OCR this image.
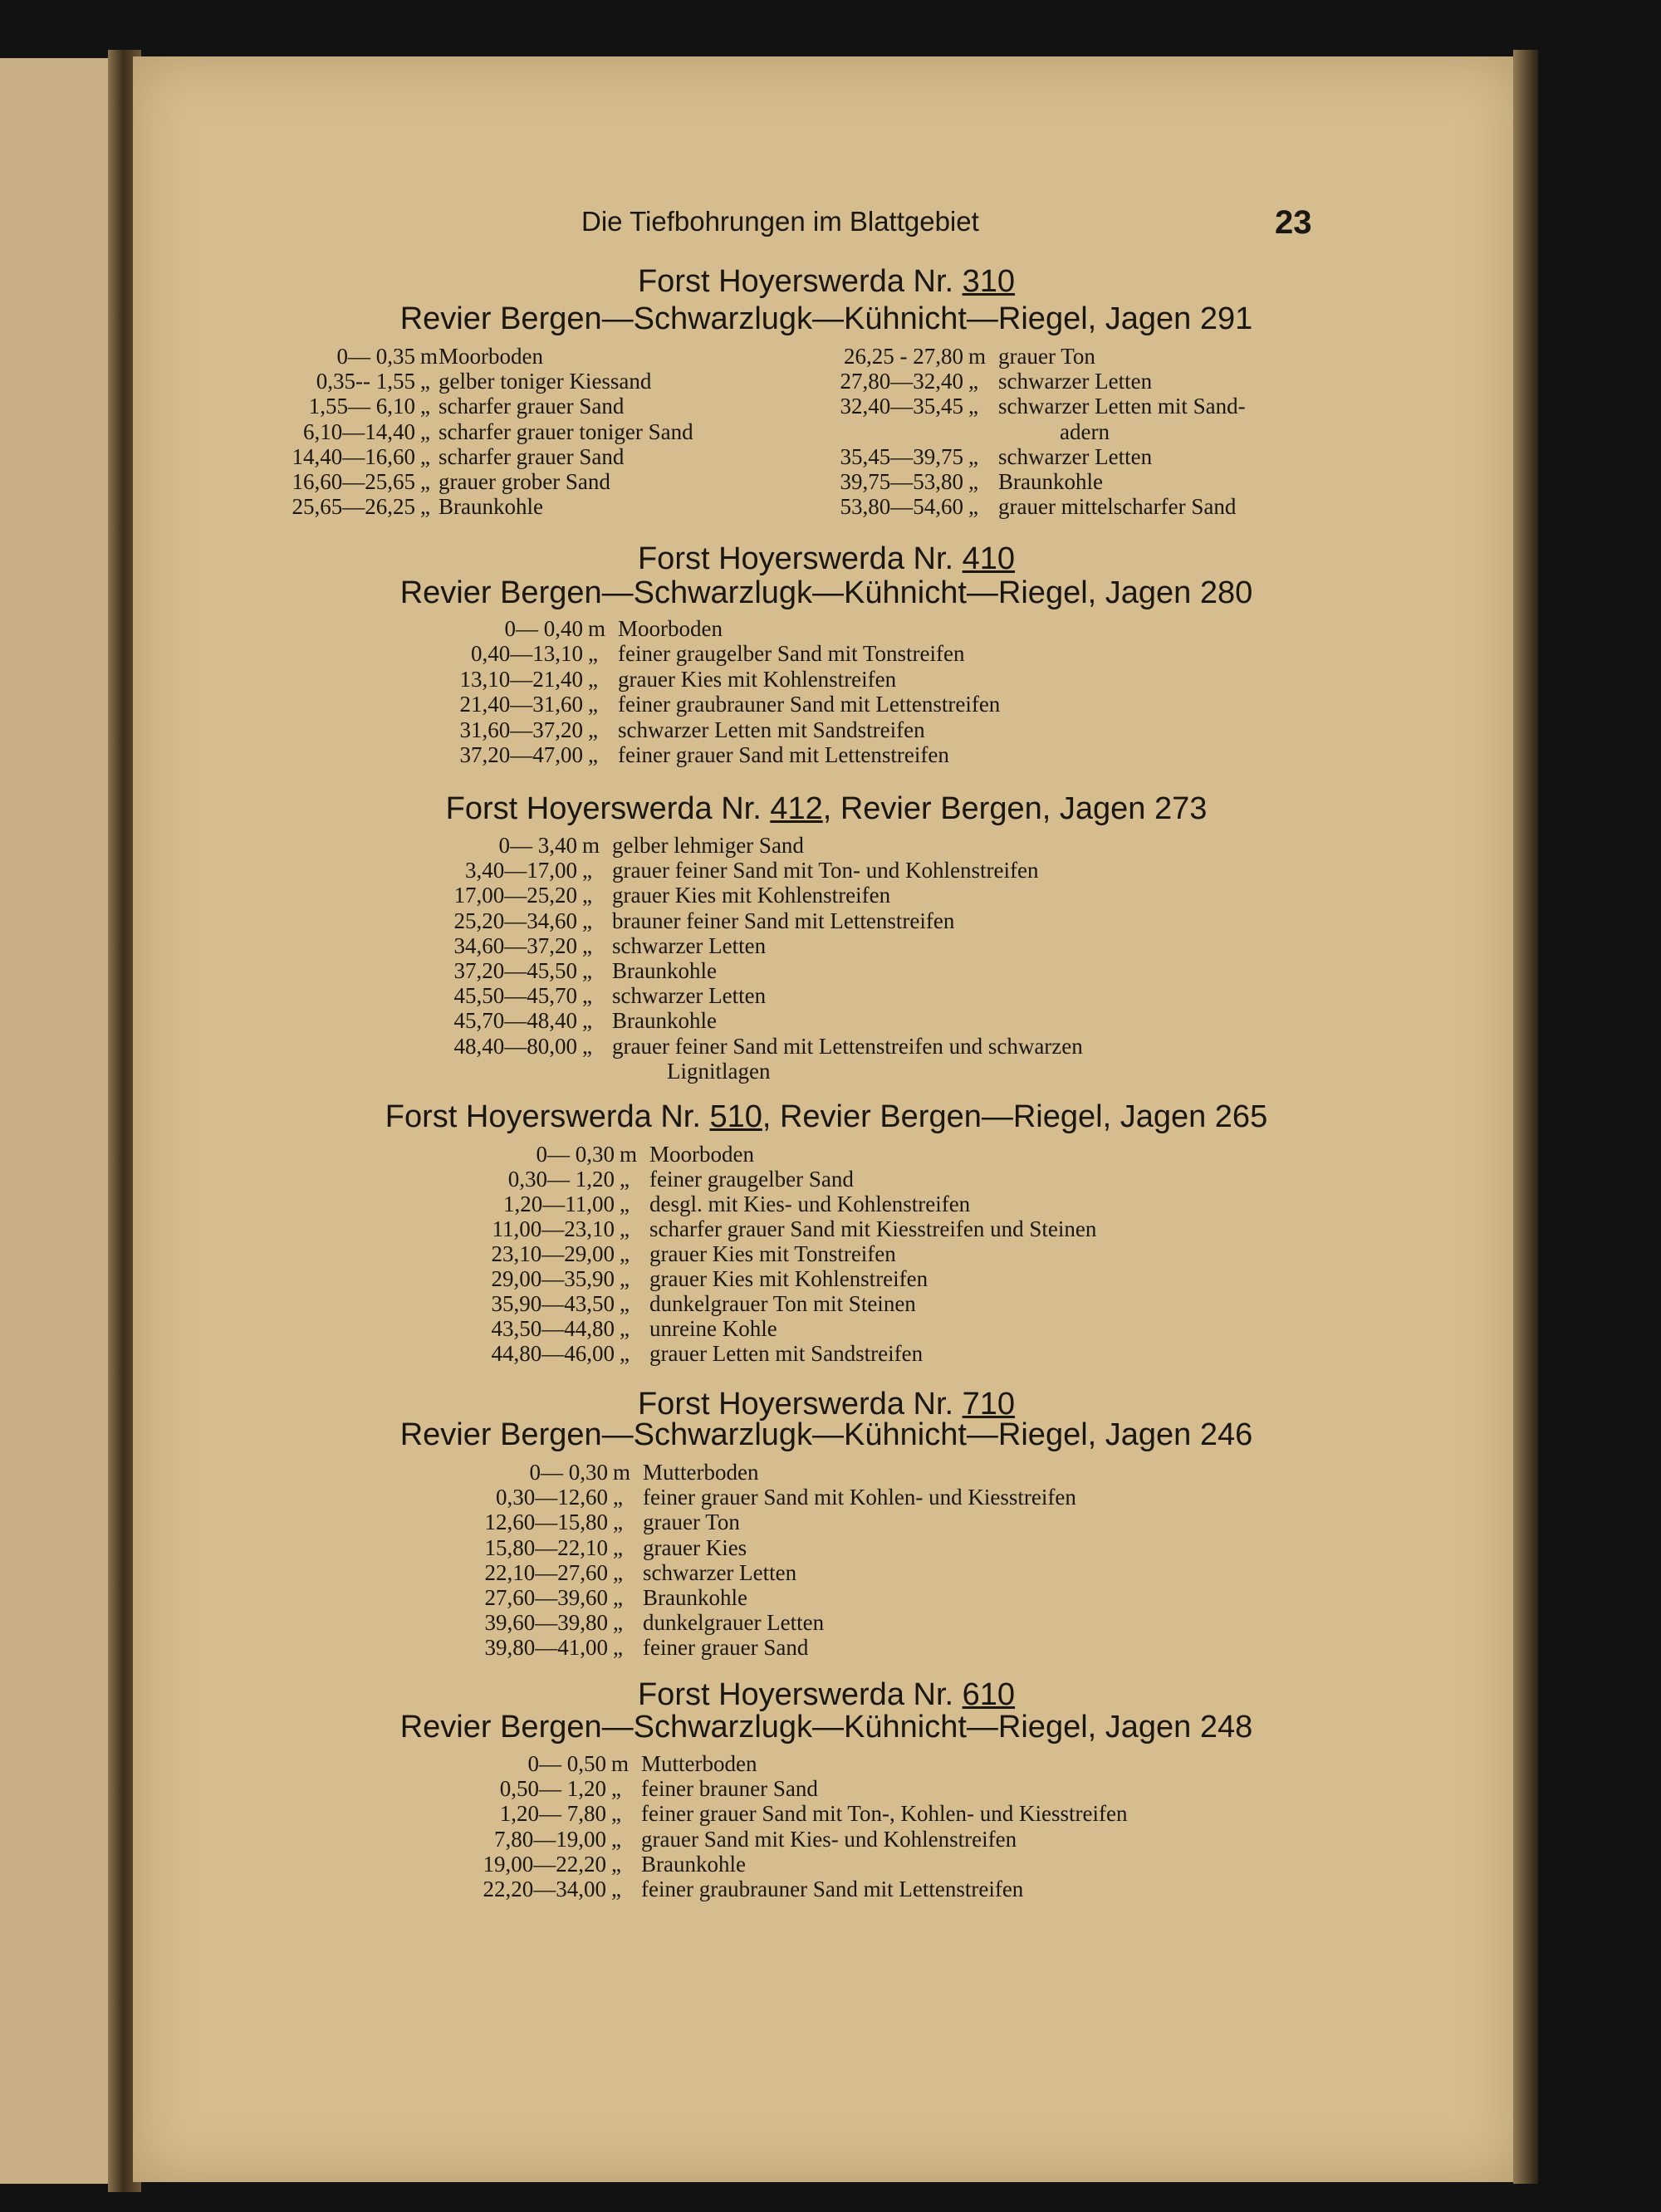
Die Tiefbohrungen im Blattgebiet	23
Forst Hoyerswerda Nr. 310
Revier Bergen—Schwarzlugk—Kühnicht—Riegel, Jagen 291
0— 0,35 m Moorboden
0,35-- 1,55 „ gelber toniger Kiessand
1,55— 6,10 „ scharfer grauer Sand
6,10—14,40 „ scharfer grauer toniger Sand
14,40—16,60 „ scharfer grauer Sand
16,60—25,65 „ grauer grober Sand
25,65—26,25 „ Braunkohle
26,25 - 27,80 m grauer Ton
27,80—32,40 „ schwarzer Letten
32,40—35,45 „ schwarzer Letten mit Sand-
adern
35,45—39,75 „ schwarzer Letten
39,75—53,80 „ Braunkohle
53,80—54,60 „ grauer mittelscharfer Sand
Forst Hoyerswerda Nr. 410
Revier Bergen—Schwarzlugk—Kühnicht—Riegel, Jagen 280
0— 0,40 m Moorboden
0,40—13,10 „ feiner graugelber Sand mit Tonstreifen
13,10—21,40 „ grauer Kies mit Kohlenstreifen
21,40—31,60 „ feiner graubrauner Sand mit Lettenstreifen
31,60—37,20 „ schwarzer Letten mit Sandstreifen
37,20—47,00 „ feiner grauer Sand mit Lettenstreifen
Forst Hoyerswerda Nr. 412, Revier Bergen, Jagen 273
0— 3,40 m gelber lehmiger Sand
3,40—17,00 „ grauer feiner Sand mit Ton- und Kohlenstreifen
17,00—25,20 „ grauer Kies mit Kohlenstreifen
25,20—34,60 „ brauner feiner Sand mit Lettenstreifen
34,60—37,20 „ schwarzer Letten
37,20—45,50 „ Braunkohle
45,50—45,70 „ schwarzer Letten
45,70—48,40 „ Braunkohle
48,40—80,00 „ grauer feiner Sand mit Lettenstreifen und schwarzen
Lignitlagen
Forst Hoyerswerda Nr. 510, Revier Bergen—Riegel, Jagen 265
0— 0,30 m Moorboden
0,30— 1,20 „ feiner graugelber Sand
1,20—11,00 „ desgl. mit Kies- und Kohlenstreifen
11,00—23,10 „ scharfer grauer Sand mit Kiesstreifen und Steinen
23,10—29,00 „ grauer Kies mit Tonstreifen
29,00—35,90 „ grauer Kies mit Kohlenstreifen
35,90—43,50 „ dunkelgrauer Ton mit Steinen
43,50—44,80 „ unreine Kohle
44,80—46,00 „ grauer Letten mit Sandstreifen
Forst Hoyerswerda Nr. 710
Revier Bergen—Schwarzlugk—Kühnicht—Riegel, Jagen 246
0— 0,30 m Mutterboden
0,30—12,60 „ feiner grauer Sand mit Kohlen- und Kiesstreifen
12,60—15,80 „ grauer Ton
15,80—22,10 „ grauer Kies
22,10—27,60 „ schwarzer Letten
27,60—39,60 „ Braunkohle
39,60—39,80 „ dunkelgrauer Letten
39,80—41,00 „ feiner grauer Sand
Forst Hoyerswerda Nr. 610
Revier Bergen—Schwarzlugk—Kühnicht—Riegel, Jagen 248
0— 0,50 m Mutterboden
0,50— 1,20 „ feiner brauner Sand
1,20— 7,80 „ feiner grauer Sand mit Ton-, Kohlen- und Kiesstreifen
7,80—19,00 „ grauer Sand mit Kies- und Kohlenstreifen
19,00—22,20 „ Braunkohle
22,20—34,00 „ feiner graubrauner Sand mit Lettenstreifen
